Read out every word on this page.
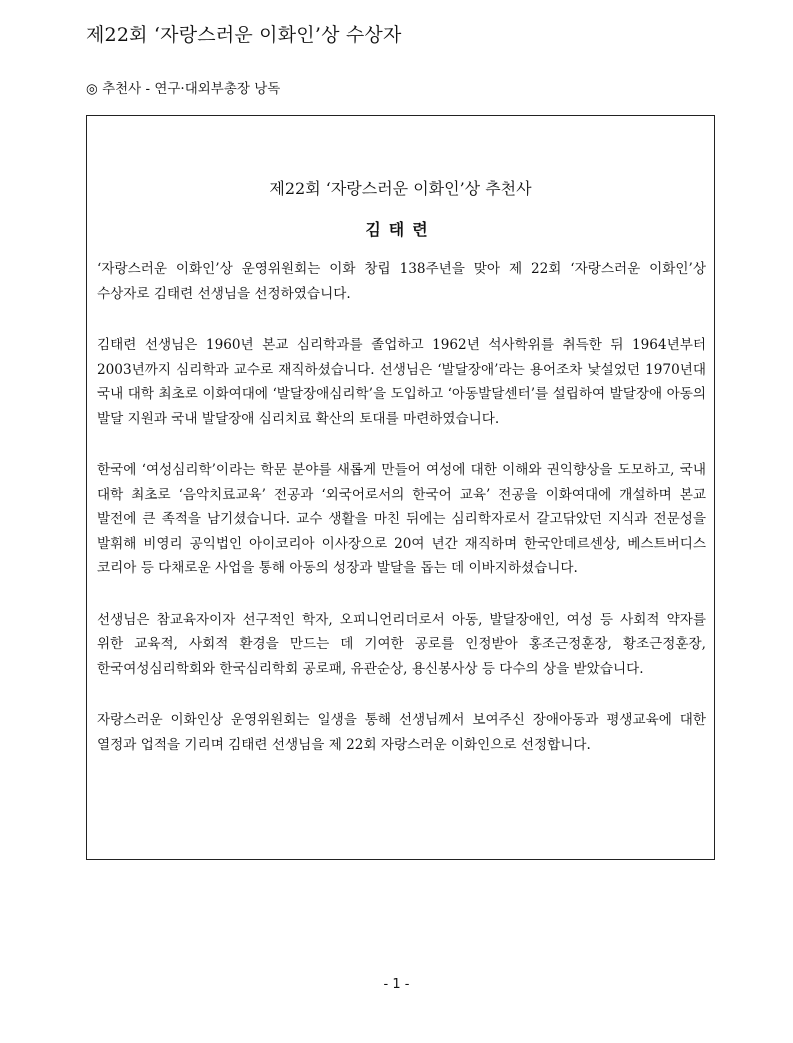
제22회 ‘자랑스러운 이화인’상 수상자
◎ 추천사 - 연구·대외부총장 낭독
제22회 ‘자랑스러운 이화인’상 추천사
김태련

‘자랑스러운 이화인’상 운영위원회는 이화 창립 138주년을 맞아 제 22회 ‘자랑스러운 이화인’상 수상자로 김태련 선생님을 선정하였습니다.

김태련 선생님은 1960년 본교 심리학과를 졸업하고 1962년 석사학위를 취득한 뒤 1964년부터 2003년까지 심리학과 교수로 재직하셨습니다. 선생님은 ‘발달장애’라는 용어조차 낯설었던 1970년대 국내 대학 최초로 이화여대에 ‘발달장애심리학’을 도입하고 ‘아동발달센터’를 설립하여 발달장애 아동의 발달 지원과 국내 발달장애 심리치료 확산의 토대를 마련하였습니다.

한국에 ‘여성심리학’이라는 학문 분야를 새롭게 만들어 여성에 대한 이해와 권익향상을 도모하고, 국내 대학 최초로 ‘음악치료교육’ 전공과 ‘외국어로서의 한국어 교육’ 전공을 이화여대에 개설하며 본교 발전에 큰 족적을 남기셨습니다. 교수 생활을 마친 뒤에는 심리학자로서 갈고닦았던 지식과 전문성을 발휘해 비영리 공익법인 아이코리아 이사장으로 20여 년간 재직하며 한국안데르센상, 베스트버디스 코리아 등 다채로운 사업을 통해 아동의 성장과 발달을 돕는 데 이바지하셨습니다.

선생님은 참교육자이자 선구적인 학자, 오피니언리더로서 아동, 발달장애인, 여성 등 사회적 약자를 위한 교육적, 사회적 환경을 만드는 데 기여한 공로를 인정받아 홍조근정훈장, 황조근정훈장, 한국여성심리학회와 한국심리학회 공로패, 유관순상, 용신봉사상 등 다수의 상을 받았습니다.

자랑스러운 이화인상 운영위원회는 일생을 통해 선생님께서 보여주신 장애아동과 평생교육에 대한 열정과 업적을 기리며 김태련 선생님을 제 22회 자랑스러운 이화인으로 선정합니다.

- 1 -
